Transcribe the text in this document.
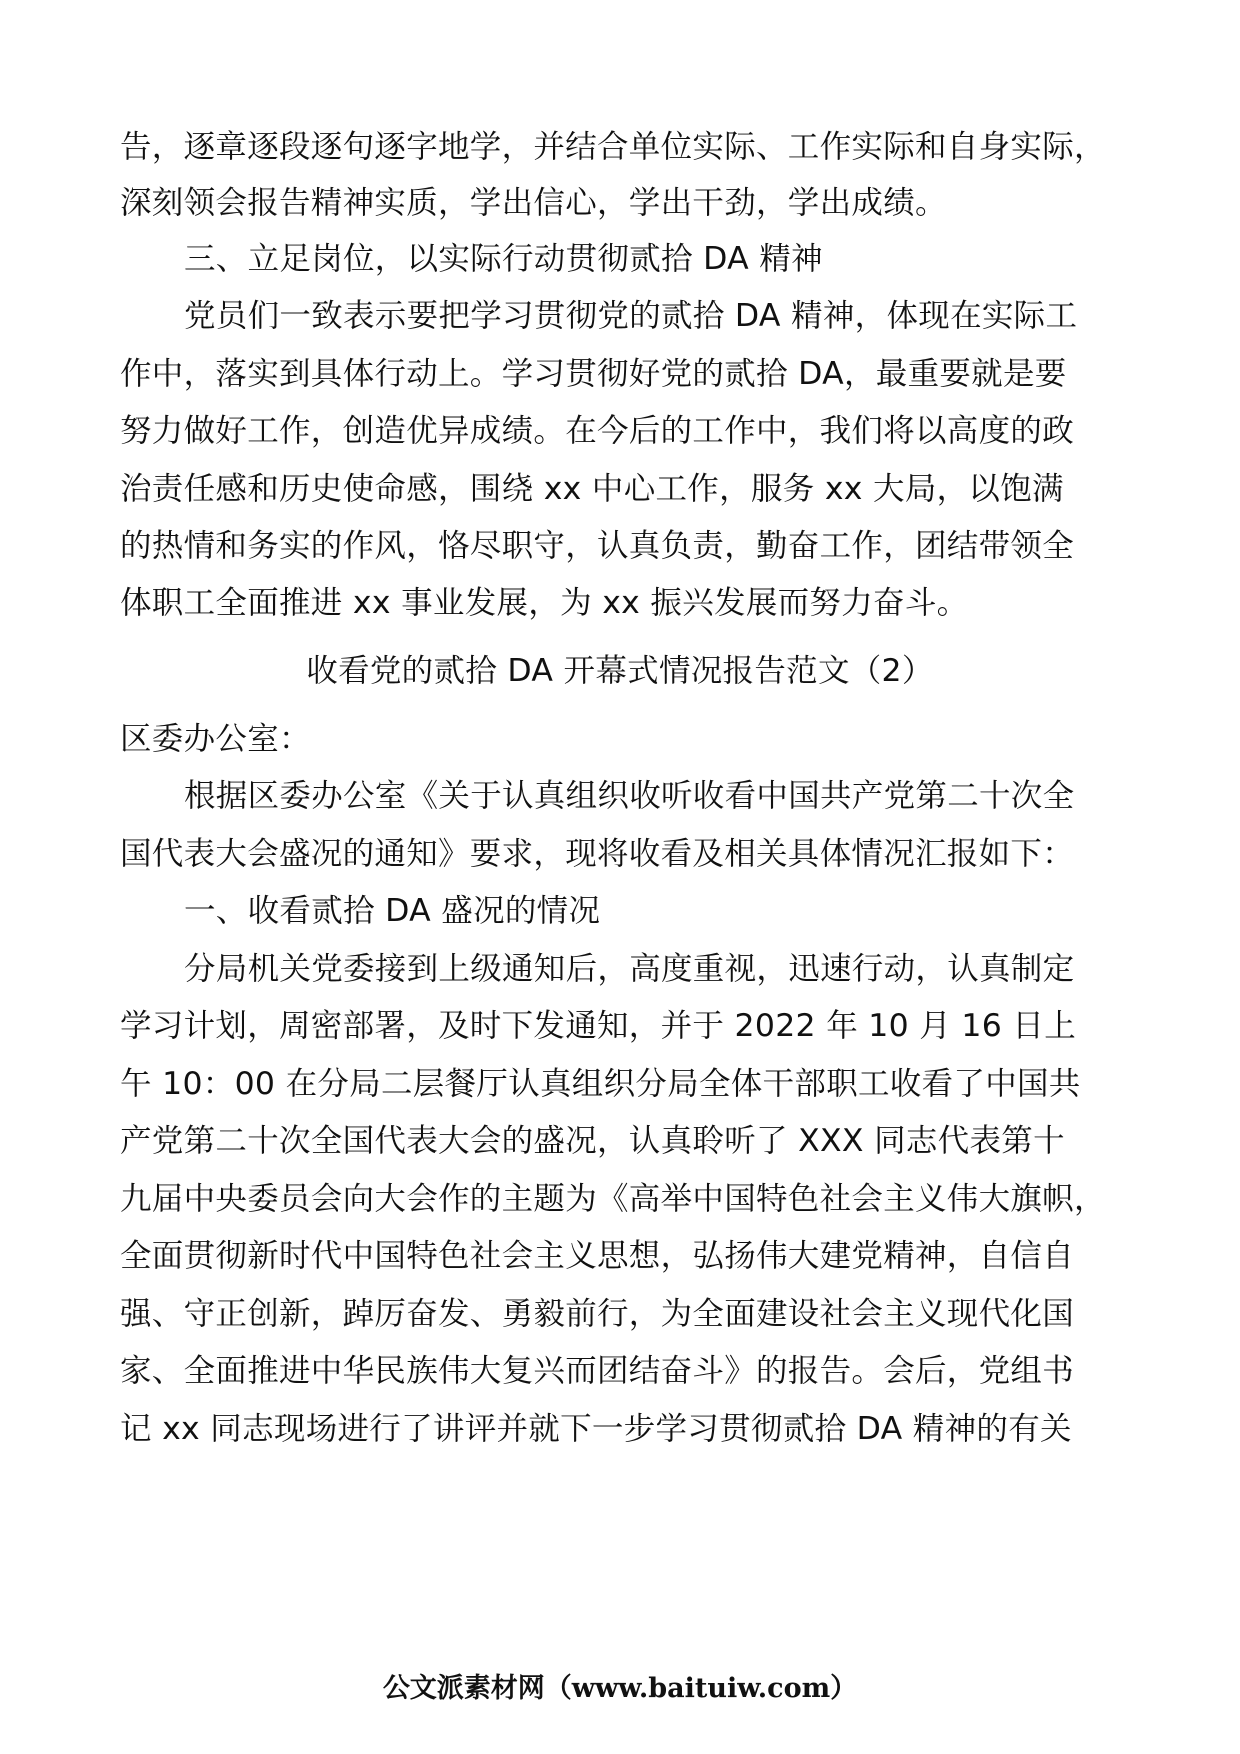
告，逐章逐段逐句逐字地学，并结合单位实际、工作实际和自身实际，
深刻领会报告精神实质，学出信心，学出干劲，学出成绩。
三、立足岗位，以实际行动贯彻贰拾 DA 精神
党员们一致表示要把学习贯彻党的贰拾 DA 精神，体现在实际工
作中，落实到具体行动上。学习贯彻好党的贰拾 DA，最重要就是要
努力做好工作，创造优异成绩。在今后的工作中，我们将以高度的政
治责任感和历史使命感，围绕 xx 中心工作，服务 xx 大局，以饱满
的热情和务实的作风，恪尽职守，认真负责，勤奋工作，团结带领全
体职工全面推进 xx 事业发展，为 xx 振兴发展而努力奋斗。
收看党的贰拾 DA 开幕式情况报告范文（2）
区委办公室：
根据区委办公室《关于认真组织收听收看中国共产党第二十次全
国代表大会盛况的通知》要求，现将收看及相关具体情况汇报如下：
一、收看贰拾 DA 盛况的情况
分局机关党委接到上级通知后，高度重视，迅速行动，认真制定
学习计划，周密部署，及时下发通知，并于 2022 年 10 月 16 日上
午 10：00 在分局二层餐厅认真组织分局全体干部职工收看了中国共
产党第二十次全国代表大会的盛况，认真聆听了 XXX 同志代表第十
九届中央委员会向大会作的主题为《高举中国特色社会主义伟大旗帜，
全面贯彻新时代中国特色社会主义思想，弘扬伟大建党精神，自信自
强、守正创新，踔厉奋发、勇毅前行，为全面建设社会主义现代化国
家、全面推进中华民族伟大复兴而团结奋斗》的报告。会后，党组书
记 xx 同志现场进行了讲评并就下一步学习贯彻贰拾 DA 精神的有关
公文派素材网（www.baituiw.com）
